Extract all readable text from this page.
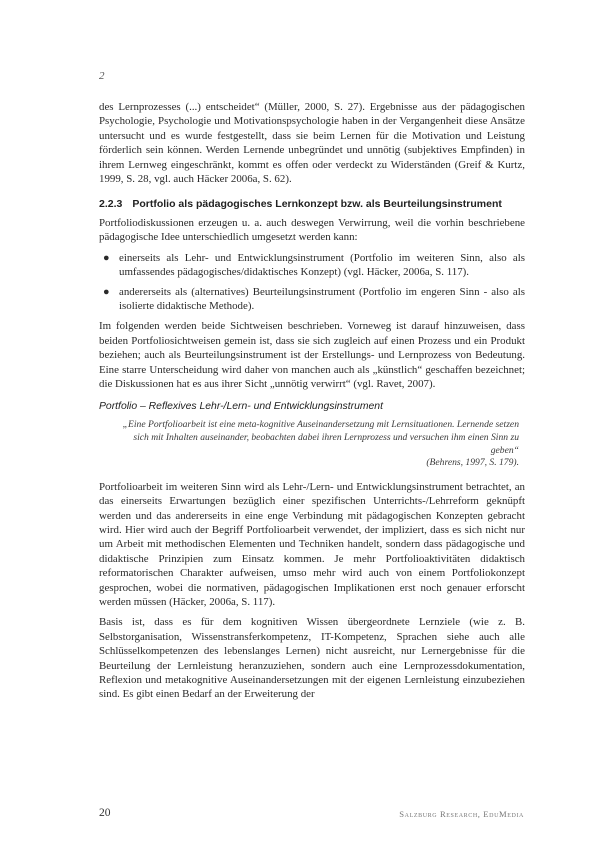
2

des Lernprozesses (...) entscheidet“ (Müller, 2000, S. 27). Ergebnisse aus der pädagogischen Psychologie, Psychologie und Motivationspsychologie haben in der Vergangenheit diese Ansätze untersucht und es wurde festgestellt, dass sie beim Lernen für die Motivation und Leistung förderlich sein können. Werden Lernende unbegründet und unnötig (subjektives Empfinden) in ihrem Lernweg eingeschränkt, kommt es offen oder verdeckt zu Widerständen (Greif & Kurtz, 1999, S. 28, vgl. auch Häcker 2006a, S. 62).

2.2.3 Portfolio als pädagogisches Lernkonzept bzw. als Beurteilungsinstrument

Portfoliodiskussionen erzeugen u. a. auch deswegen Verwirrung, weil die vorhin beschriebene pädagogische Idee unterschiedlich umgesetzt werden kann:

● einerseits als Lehr- und Entwicklungsinstrument (Portfolio im weiteren Sinn, also als umfassendes pädagogisches/didaktisches Konzept) (vgl. Häcker, 2006a, S. 117).
● andererseits als (alternatives) Beurteilungsinstrument (Portfolio im engeren Sinn - also als isolierte didaktische Methode).

Im folgenden werden beide Sichtweisen beschrieben. Vorneweg ist darauf hinzuweisen, dass beiden Portfoliosichtweisen gemein ist, dass sie sich zugleich auf einen Prozess und ein Produkt beziehen; auch als Beurteilungsinstrument ist der Erstellungs- und Lernprozess von Bedeutung. Eine starre Unterscheidung wird daher von manchen auch als „künstlich“ geschaffen bezeichnet; die Diskussionen hat es aus ihrer Sicht „unnötig verwirrt“ (vgl. Ravet, 2007).

Portfolio – Reflexives Lehr-/Lern- und Entwicklungsinstrument
„Eine Portfolioarbeit ist eine meta-kognitive Auseinandersetzung mit Lernsituationen. Lernende setzen sich mit Inhalten auseinander, beobachten dabei ihren Lernprozess und versuchen ihm einen Sinn zu geben“
(Behrens, 1997, S. 179).

Portfolioarbeit im weiteren Sinn wird als Lehr-/Lern- und Entwicklungsinstrument betrachtet, an das einerseits Erwartungen bezüglich einer spezifischen Unterrichts-/Lehrreform geknüpft werden und das andererseits in eine enge Verbindung mit pädagogischen Konzepten gebracht wird. Hier wird auch der Begriff Portfolioarbeit verwendet, der impliziert, dass es sich nicht nur um Arbeit mit methodischen Elementen und Techniken handelt, sondern dass pädagogische und didaktische Prinzipien zum Einsatz kommen. Je mehr Portfolioaktivitäten didaktisch reformatorischen Charakter aufweisen, umso mehr wird auch von einem Portfoliokonzept gesprochen, wobei die normativen, pädagogischen Implikationen erst noch genauer erforscht werden müssen (Häcker, 2006a, S. 117).

Basis ist, dass es für dem kognitiven Wissen übergeordnete Lernziele (wie z. B. Selbstorganisation, Wissenstransferkompetenz, IT-Kompetenz, Sprachen siehe auch alle Schlüsselkompetenzen des lebenslanges Lernen) nicht ausreicht, nur Lernergebnisse für die Beurteilung der Lernleistung heranzuziehen, sondern auch eine Lernprozessdokumentation, Reflexion und metakognitive Auseinandersetzungen mit der eigenen Lernleistung einzubeziehen sind. Es gibt einen Bedarf an der Erweiterung der

20	Salzburg Research, EduMedia
